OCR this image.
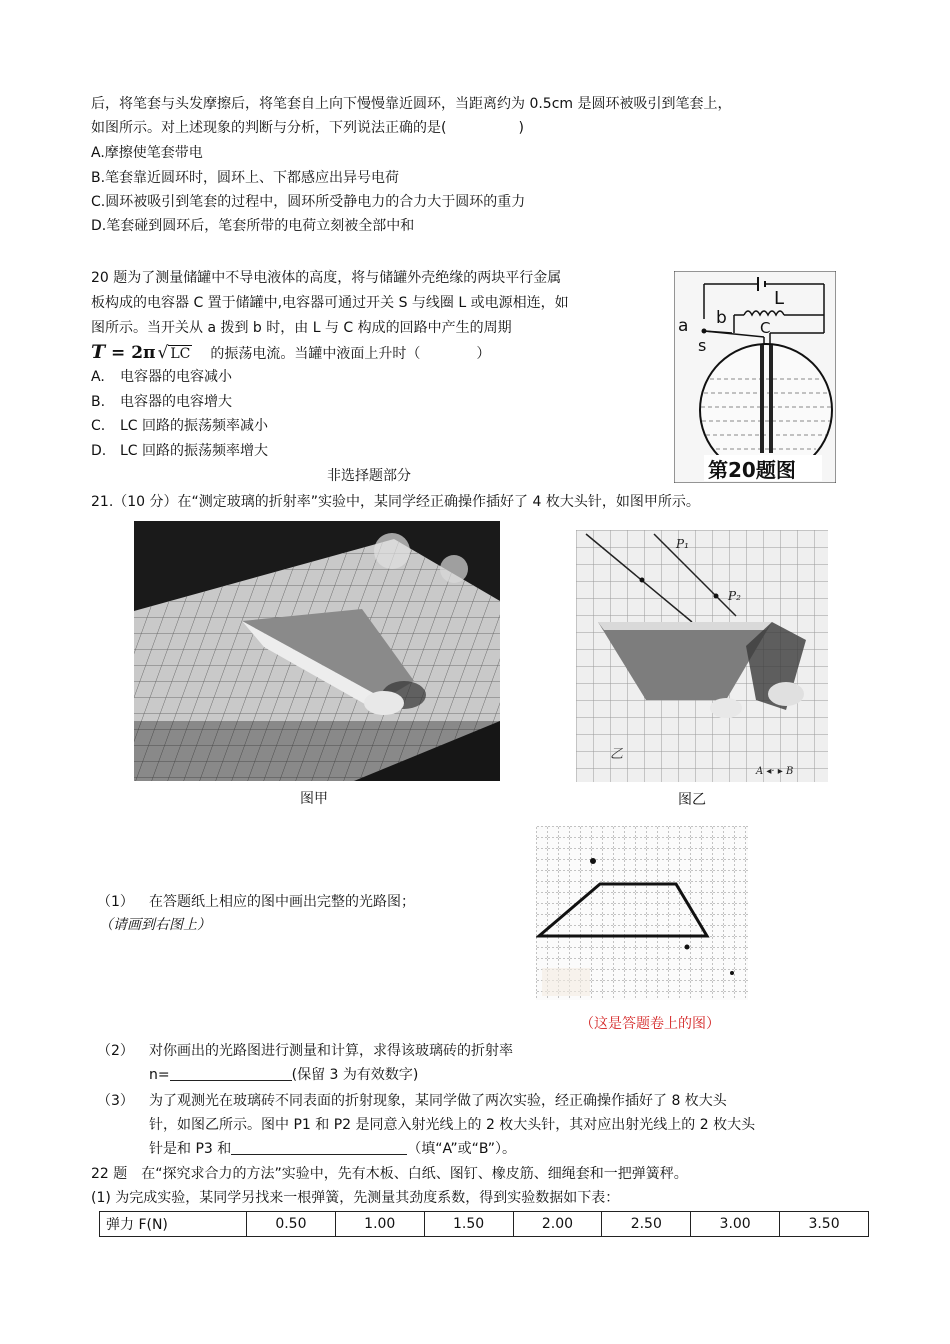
后，将笔套与头发摩擦后，将笔套自上向下慢慢靠近圆环，当距离约为 0.5cm 是圆环被吸引到笔套上，
如图所示。对上述现象的判断与分析，下列说法正确的是(	)
A.摩擦使笔套带电
B.笔套靠近圆环时，圆环上、下都感应出异号电荷
C.圆环被吸引到笔套的过程中，圆环所受静电力的合力大于圆环的重力
D.笔套碰到圆环后，笔套所带的电荷立刻被全部中和
20 题为了测量储罐中不导电液体的高度，将与储罐外壳绝缘的两块平行金属
板构成的电容器 C 置于储罐中,电容器可通过开关 S 与线圈 L 或电源相连，如
图所示。当开关从 a 拨到 b 时，由 L 与 C 构成的回路中产生的周期
T = 2π √ LC 的振荡电流。当罐中液面上升时（　　　　）
A. 电容器的电容减小
B. 电容器的电容增大
C. LC 回路的振荡频率减小
D. LC 回路的振荡频率增大
L
b
a
s
C
第20题图
非选择题部分
21.（10 分）在“测定玻璃的折射率”实验中，某同学经正确操作插好了 4 枚大头针，如图甲所示。
图甲
P₁
P₂
乙
A ◂· ▸ B
图乙
（1） 在答题纸上相应的图中画出完整的光路图；
（请画到右图上）
（这是答题卷上的图）
（2） 对你画出的光路图进行测量和计算，求得该玻璃砖的折射率
n=	(保留 3 为有效数字)
（3） 为了观测光在玻璃砖不同表面的折射现象，某同学做了两次实验，经正确操作插好了 8 枚大头
针，如图乙所示。图中 P1 和 P2 是同意入射光线上的 2 枚大头针，其对应出射光线上的 2 枚大头
针是和 P3 和	（填“A”或“B”）。
22 题　在“探究求合力的方法”实验中，先有木板、白纸、图钉、橡皮筋、细绳套和一把弹簧秤。
(1) 为完成实验，某同学另找来一根弹簧，先测量其劲度系数，得到实验数据如下表：
弹力 F(N)	0.50	1.00	1.50	2.00	2.50	3.00	3.50
